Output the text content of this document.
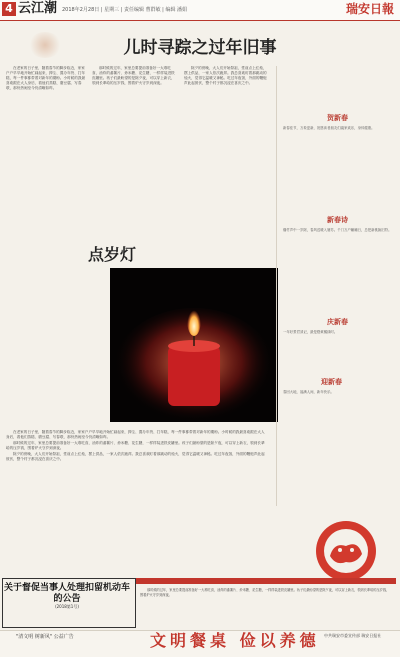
4 云江潮 2018年2月28日 | 星期三 | 责任编辑 曹群敏 | 编辑 潘娟	瑞安日報
儿时寻踪之过年旧事

在老家的日子里，随着春节的脚步临近，家家户户早早地开始忙碌起来，掸尘、置办年货、打年糕，每一件事都带着对新年的期盼。小时候的我最喜欢跟在大人身后，看他们蒸糕、磨豆腐、写春联，那份热闹至今仍清晰如昨。

那时候的过年，家里总要提前准备好一大堆吃食，油炸的番薯片、炒米糖、花生糖，一样样装进铁皮罐里。孩子们最盼望的是除夕夜，可以穿上新衣，领到长辈给的压岁钱，围着炉火守岁到深夜。

除夕的傍晚，大人们开始祭祖，堂前点上红烛，摆上供品，一家人依次跪拜。我总喜欢盯着那跳动的烛火，觉得它温暖又神秘。吃过年夜饭，外面的鞭炮声此起彼伏，整个村子都沉浸在喜庆之中。

点岁灯
贺新春
新春佳节，万象更新，祝愿读者朋友们阖家欢乐，身体健康。
新春诗
爆竹声中一岁除，春风送暖入屠苏。千门万户曈曈日，总把新桃换旧符。
庆新春
一年好景君须记，最是橙黄橘绿时。
迎新春
春回大地，福满人间，新年快乐。

在老家的日子里，随着春节的脚步临近，家家户户早早地开始忙碌起来，掸尘、置办年货、打年糕，每一件事都带着对新年的期盼。小时候的我最喜欢跟在大人身后，看他们蒸糕、磨豆腐、写春联，那份热闹至今仍清晰如昨。

那时候的过年，家里总要提前准备好一大堆吃食，油炸的番薯片、炒米糖、花生糖，一样样装进铁皮罐里。孩子们最盼望的是除夕夜，可以穿上新衣，领到长辈给的压岁钱，围着炉火守岁到深夜。

除夕的傍晚，大人们开始祭祖，堂前点上红烛，摆上供品，一家人依次跪拜。我总喜欢盯着那跳动的烛火，觉得它温暖又神秘。吃过年夜饭，外面的鞭炮声此起彼伏，整个村子都沉浸在喜庆之中。

关于督促当事人处理扣留机动车的公告
(2018第1号)

那时候的过年，家里总要提前准备好一大堆吃食，油炸的番薯片、炒米糖、花生糖，一样样装进铁皮罐里。孩子们最盼望的是除夕夜，可以穿上新衣，领到长辈给的压岁钱，围着炉火守岁到深夜。

"清文明 树新风" 公益广告	文明餐桌 俭以养德 中共瑞安市委宣传部 瑞安日报社
